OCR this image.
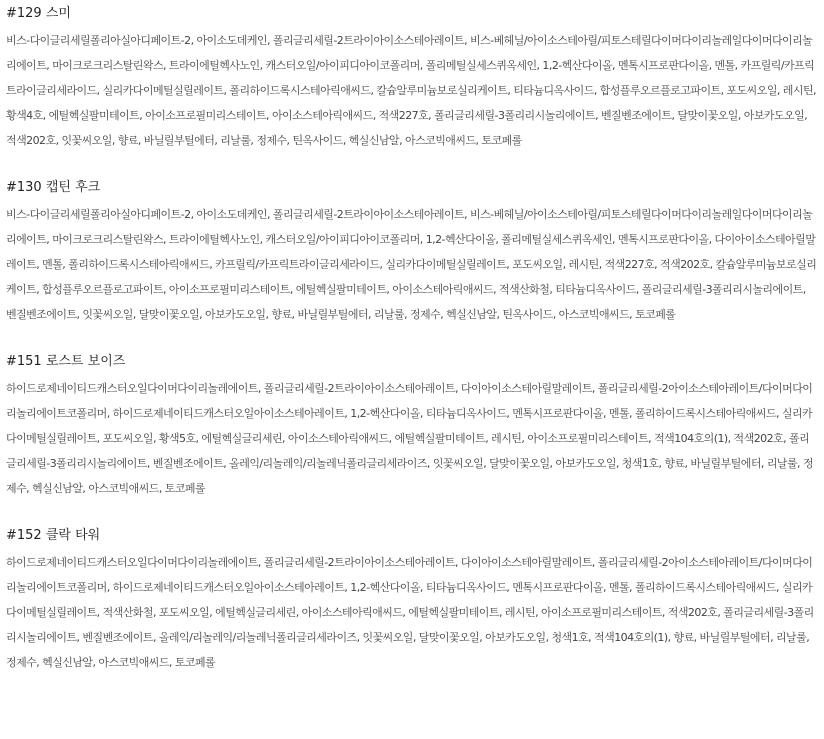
#129 스미

비스-다이글리세릴폴리아실아디페이트-2, 아이소도데케인, 폴리글리세릴-2트라이아이소스테아레이트, 비스-베헤닐/아이소스테아릴/피토스테릴다이머다이리놀레일다이머다이리놀리에이트, 마이크로크리스탈린왁스, 트라이에틸헥사노인, 캐스터오일/아이피디아이코폴리머, 폴리메틸실세스퀴옥세인, 1,2-헥산다이올, 멘톡시프로판다이올, 멘톨, 카프릴릭/카프릭트라이글리세라이드, 실리카다이메틸실릴레이트, 폴리하이드록시스테아릭애씨드, 칼슘알루미늄보로실리케이트, 티타늄디옥사이드, 합성플루오르플로고파이트, 포도씨오일, 레시틴, 황색4호, 에틸헥실팔미테이트, 아이소프로필미리스테이트, 아이소스테아릭애씨드, 적색227호, 폴리글리세릴-3폴리리시놀리에이트, 벤질벤조에이트, 달맞이꽃오일, 아보카도오일, 적색202호, 잇꽃씨오일, 향료, 바닐릴부틸에터, 리날룰, 정제수, 틴옥사이드, 헥실신남알, 아스코빅애씨드, 토코페롤

#130 캡틴 후크

비스-다이글리세릴폴리아실아디페이트-2, 아이소도데케인, 폴리글리세릴-2트라이아이소스테아레이트, 비스-베헤닐/아이소스테아릴/피토스테릴다이머다이리놀레일다이머다이리놀리에이트, 마이크로크리스탈린왁스, 트라이에틸헥사노인, 캐스터오일/아이피디아이코폴리머, 1,2-헥산다이올, 폴리메틸실세스퀴옥세인, 멘톡시프로판다이올, 다이아이소스테아릴말레이트, 멘톨, 폴리하이드록시스테아릭애씨드, 카프릴릭/카프릭트라이글리세라이드, 실리카다이메틸실릴레이트, 포도씨오일, 레시틴, 적색227호, 적색202호, 칼슘알루미늄보로실리케이트, 합성플루오르플로고파이트, 아이소프로필미리스테이트, 에틸헥실팔미테이트, 아이소스테아릭애씨드, 적색산화철, 티타늄디옥사이드, 폴리글리세릴-3폴리리시놀리에이트, 벤질벤조에이트, 잇꽃씨오일, 달맞이꽃오일, 아보카도오일, 향료, 바닐릴부틸에터, 리날룰, 정제수, 헥실신남알, 틴옥사이드, 아스코빅애씨드, 토코페롤

#151 로스트 보이즈

하이드로제네이티드캐스터오일다이머다이리놀레에이트, 폴리글리세릴-2트라이아이소스테아레이트, 다이아이소스테아릴말레이트, 폴리글리세릴-2아이소스테아레이트/다이머다이리놀리에이트코폴리머, 하이드로제네이티드캐스터오일아이소스테아레이트, 1,2-헥산다이올, 티타늄디옥사이드, 멘톡시프로판다이올, 멘톨, 폴리하이드록시스테아릭애씨드, 실리카다이메틸실릴레이트, 포도씨오일, 황색5호, 에틸헥실글리세린, 아이소스테아릭애씨드, 에틸헥실팔미테이트, 레시틴, 아이소프로필미리스테이트, 적색104호의(1), 적색202호, 폴리글리세릴-3폴리리시놀리에이트, 벤질벤조에이트, 올레익/리놀레익/리놀레닉폴리글리세라이즈, 잇꽃씨오일, 달맞이꽃오일, 아보카도오일, 청색1호, 향료, 바닐릴부틸에터, 리날룰, 정제수, 헥실신남알, 아스코빅애씨드, 토코페롤

#152 클락 타워

하이드로제네이티드캐스터오일다이머다이리놀레에이트, 폴리글리세릴-2트라이아이소스테아레이트, 다이아이소스테아릴말레이트, 폴리글리세릴-2아이소스테아레이트/다이머다이리놀리에이트코폴리머, 하이드로제네이티드캐스터오일아이소스테아레이트, 1,2-헥산다이올, 티타늄디옥사이드, 멘톡시프로판다이올, 멘톨, 폴리하이드록시스테아릭애씨드, 실리카다이메틸실릴레이트, 적색산화철, 포도씨오일, 에틸헥실글리세린, 아이소스테아릭애씨드, 에틸헥실팔미테이트, 레시틴, 아이소프로필미리스테이트, 적색202호, 폴리글리세릴-3폴리리시놀리에이트, 벤질벤조에이트, 올레익/리놀레익/리놀레닉폴리글리세라이즈, 잇꽃씨오일, 달맞이꽃오일, 아보카도오일, 청색1호, 적색104호의(1), 향료, 바닐릴부틸에터, 리날룰, 정제수, 헥실신남알, 아스코빅애씨드, 토코페롤
